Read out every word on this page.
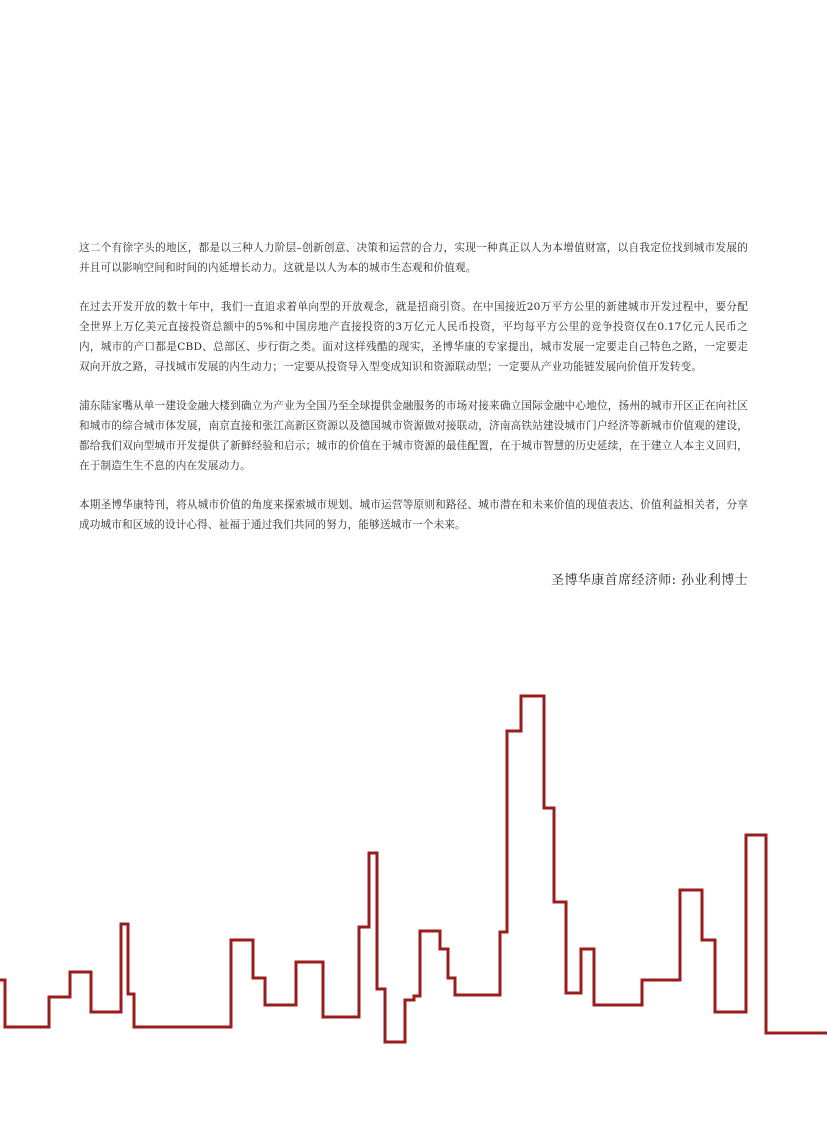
这二个有徐字头的地区，都是以三种人力阶层–创新创意、决策和运营的合力，实现一种真正以人为本增值财富，以自我定位找到城市发展的并且可以影响空间和时间的内延增长动力。这就是以人为本的城市生态观和价值观。

在过去开发开放的数十年中，我们一直追求着单向型的开放观念，就是招商引资。在中国接近20万平方公里的新建城市开发过程中，要分配全世界上万亿美元直接投资总额中的5%和中国房地产直接投资的3万亿元人民币投资，平均每平方公里的竞争投资仅在0.17亿元人民币之内，城市的产口都是CBD、总部区、步行街之类。面对这样残酷的现实，圣博华康的专家提出，城市发展一定要走自己特色之路，一定要走双向开放之路，寻找城市发展的内生动力；一定要从投资导入型变成知识和资源联动型；一定要从产业功能链发展向价值开发转变。

浦东陆家嘴从单一建设金融大楼到确立为产业为全国乃至全球提供金融服务的市场对接来确立国际金融中心地位，扬州的城市开区正在向社区和城市的综合城市体发展，南京直接和张江高新区资源以及德国城市资源做对接联动，济南高铁站建设城市门户经济等新城市价值观的建设，都给我们双向型城市开发提供了新鲜经验和启示；城市的价值在于城市资源的最佳配置，在于城市智慧的历史延续，在于建立人本主义回归，在于制造生生不息的内在发展动力。

本期圣博华康特刊，将从城市价值的角度来探索城市规划、城市运营等原则和路径、城市潜在和未来价值的现值表达、价值利益相关者，分享成功城市和区域的设计心得、祉福于通过我们共同的努力，能够送城市一个未来。

圣博华康首席经济师: 孙业利博士
